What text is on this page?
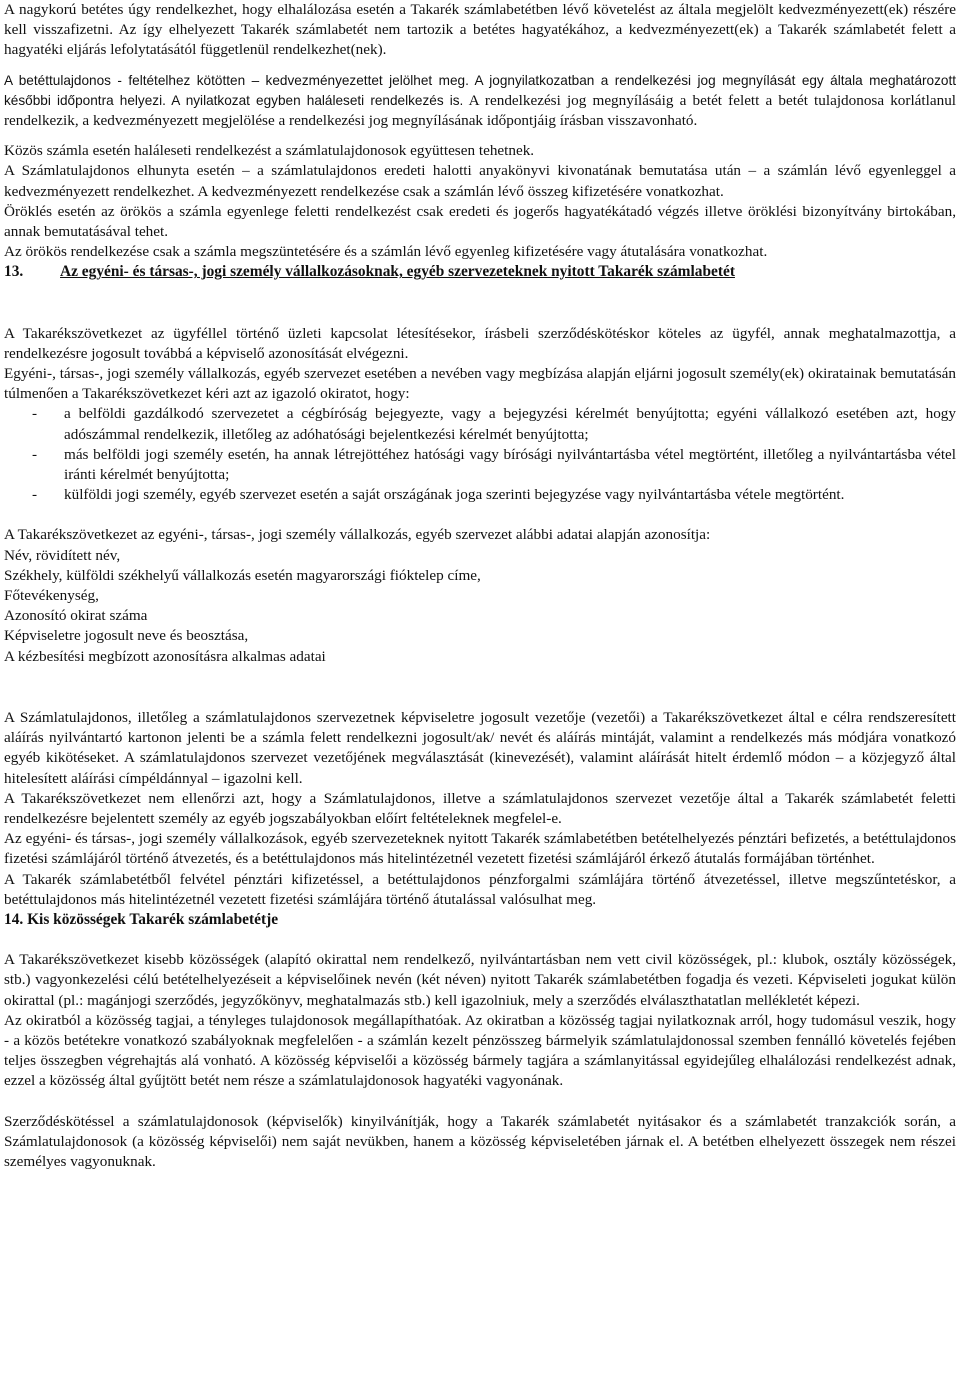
A nagykorú betétes úgy rendelkezhet, hogy elhalálozása esetén a Takarék számlabetétben lévő követelést az általa megjelölt kedvezményezett(ek) részére kell visszafizetni. Az így elhelyezett Takarék számlabetét nem tartozik a betétes hagyatékához, a kedvezményezett(ek) a Takarék számlabetét felett a hagyatéki eljárás lefolytatásától függetlenül rendelkezhet(nek).

A betéttulajdonos - feltételhez kötötten – kedvezményezettet jelölhet meg. A jognyilatkozatban a rendelkezési jog megnyílását egy általa meghatározott későbbi időpontra helyezi. A nyilatkozat egyben haláleseti rendelkezés is. A rendelkezési jog megnyílásáig a betét felett a betét tulajdonosa korlátlanul rendelkezik, a kedvezményezett megjelölése a rendelkezési jog megnyílásának időpontjáig írásban visszavonható.

Közös számla esetén haláleseti rendelkezést a számlatulajdonosok együttesen tehetnek.

A Számlatulajdonos elhunyta esetén – a számlatulajdonos eredeti halotti anyakönyvi kivonatának bemutatása után – a számlán lévő egyenleggel a kedvezményezett rendelkezhet. A kedvezményezett rendelkezése csak a számlán lévő összeg kifizetésére vonatkozhat.

Öröklés esetén az örökös a számla egyenlege feletti rendelkezést csak eredeti és jogerős hagyatékátadó végzés illetve öröklési bizonyítvány birtokában, annak bemutatásával tehet.

Az örökös rendelkezése csak a számla megszüntetésére és a számlán lévő egyenleg kifizetésére vagy átutalására vonatkozhat.

13. Az egyéni- és társas-, jogi személy vállalkozásoknak, egyéb szervezeteknek nyitott Takarék számlabetét

A Takarékszövetkezet az ügyféllel történő üzleti kapcsolat létesítésekor, írásbeli szerződéskötéskor köteles az ügyfél, annak meghatalmazottja, a rendelkezésre jogosult továbbá a képviselő azonosítását elvégezni.

Egyéni-, társas-, jogi személy vállalkozás, egyéb szervezet esetében a nevében vagy megbízása alapján eljárni jogosult személy(ek) okiratainak bemutatásán túlmenően a Takarékszövetkezet kéri azt az igazoló okiratot, hogy:

- a belföldi gazdálkodó szervezetet a cégbíróság bejegyezte, vagy a bejegyzési kérelmét benyújtotta; egyéni vállalkozó esetében azt, hogy adószámmal rendelkezik, illetőleg az adóhatósági bejelentkezési kérelmét benyújtotta;
- más belföldi jogi személy esetén, ha annak létrejöttéhez hatósági vagy bírósági nyilvántartásba vétel megtörtént, illetőleg a nyilvántartásba vétel iránti kérelmét benyújtotta;
- külföldi jogi személy, egyéb szervezet esetén a saját országának joga szerinti bejegyzése vagy nyilvántartásba vétele megtörtént.

A Takarékszövetkezet az egyéni-, társas-, jogi személy vállalkozás, egyéb szervezet alábbi adatai alapján azonosítja:

Név, rövidített név,

Székhely, külföldi székhelyű vállalkozás esetén magyarországi fióktelep címe,

Főtevékenység,

Azonosító okirat száma

Képviseletre jogosult neve és beosztása,

A kézbesítési megbízott azonosításra alkalmas adatai

A Számlatulajdonos, illetőleg a számlatulajdonos szervezetnek képviseletre jogosult vezetője (vezetői) a Takarékszövetkezet által e célra rendszeresített aláírás nyilvántartó kartonon jelenti be a számla felett rendelkezni jogosult/ak/ nevét és aláírás mintáját, valamint a rendelkezés más módjára vonatkozó egyéb kikötéseket. A számlatulajdonos szervezet vezetőjének megválasztását (kinevezését), valamint aláírását hitelt érdemlő módon – a közjegyző által hitelesített aláírási címpéldánnyal – igazolni kell.

A Takarékszövetkezet nem ellenőrzi azt, hogy a Számlatulajdonos, illetve a számlatulajdonos szervezet vezetője által a Takarék számlabetét feletti rendelkezésre bejelentett személy az egyéb jogszabályokban előírt feltételeknek megfelel-e.

Az egyéni- és társas-, jogi személy vállalkozások, egyéb szervezeteknek nyitott Takarék számlabetétben betételhelyezés pénztári befizetés, a betéttulajdonos fizetési számlájáról történő átvezetés, és a betéttulajdonos más hitelintézetnél vezetett fizetési számlájáról érkező átutalás formájában történhet.

A Takarék számlabetétből felvétel pénztári kifizetéssel, a betéttulajdonos pénzforgalmi számlájára történő átvezetéssel, illetve megszűntetéskor, a betéttulajdonos más hitelintézetnél vezetett fizetési számlájára történő átutalással valósulhat meg.

14. Kis közösségek Takarék számlabetétje

A Takarékszövetkezet kisebb közösségek (alapító okirattal nem rendelkező, nyilvántartásban nem vett civil közösségek, pl.: klubok, osztály közösségek, stb.) vagyonkezelési célú betételhelyezéseit a képviselőinek nevén (két néven) nyitott Takarék számlabetétben fogadja és vezeti. Képviseleti jogukat külön okirattal (pl.: magánjogi szerződés, jegyzőkönyv, meghatalmazás stb.) kell igazolniuk, mely a szerződés elválaszthatatlan mellékletét képezi.

Az okiratból a közösség tagjai, a tényleges tulajdonosok megállapíthatóak. Az okiratban a közösség tagjai nyilatkoznak arról, hogy tudomásul veszik, hogy - a közös betétekre vonatkozó szabályoknak megfelelően - a számlán kezelt pénzösszeg bármelyik számlatulajdonossal szemben fennálló követelés fejében teljes összegben végrehajtás alá vonható. A közösség képviselői a közösség bármely tagjára a számlanyitással egyidejűleg elhalálozási rendelkezést adnak, ezzel a közösség által gyűjtött betét nem része a számlatulajdonosok hagyatéki vagyonának.

Szerződéskötéssel a számlatulajdonosok (képviselők) kinyilvánítják, hogy a Takarék számlabetét nyitásakor és a számlabetét tranzakciók során, a Számlatulajdonosok (a közösség képviselői) nem saját nevükben, hanem a közösség képviseletében járnak el. A betétben elhelyezett összegek nem részei személyes vagyonuknak.
